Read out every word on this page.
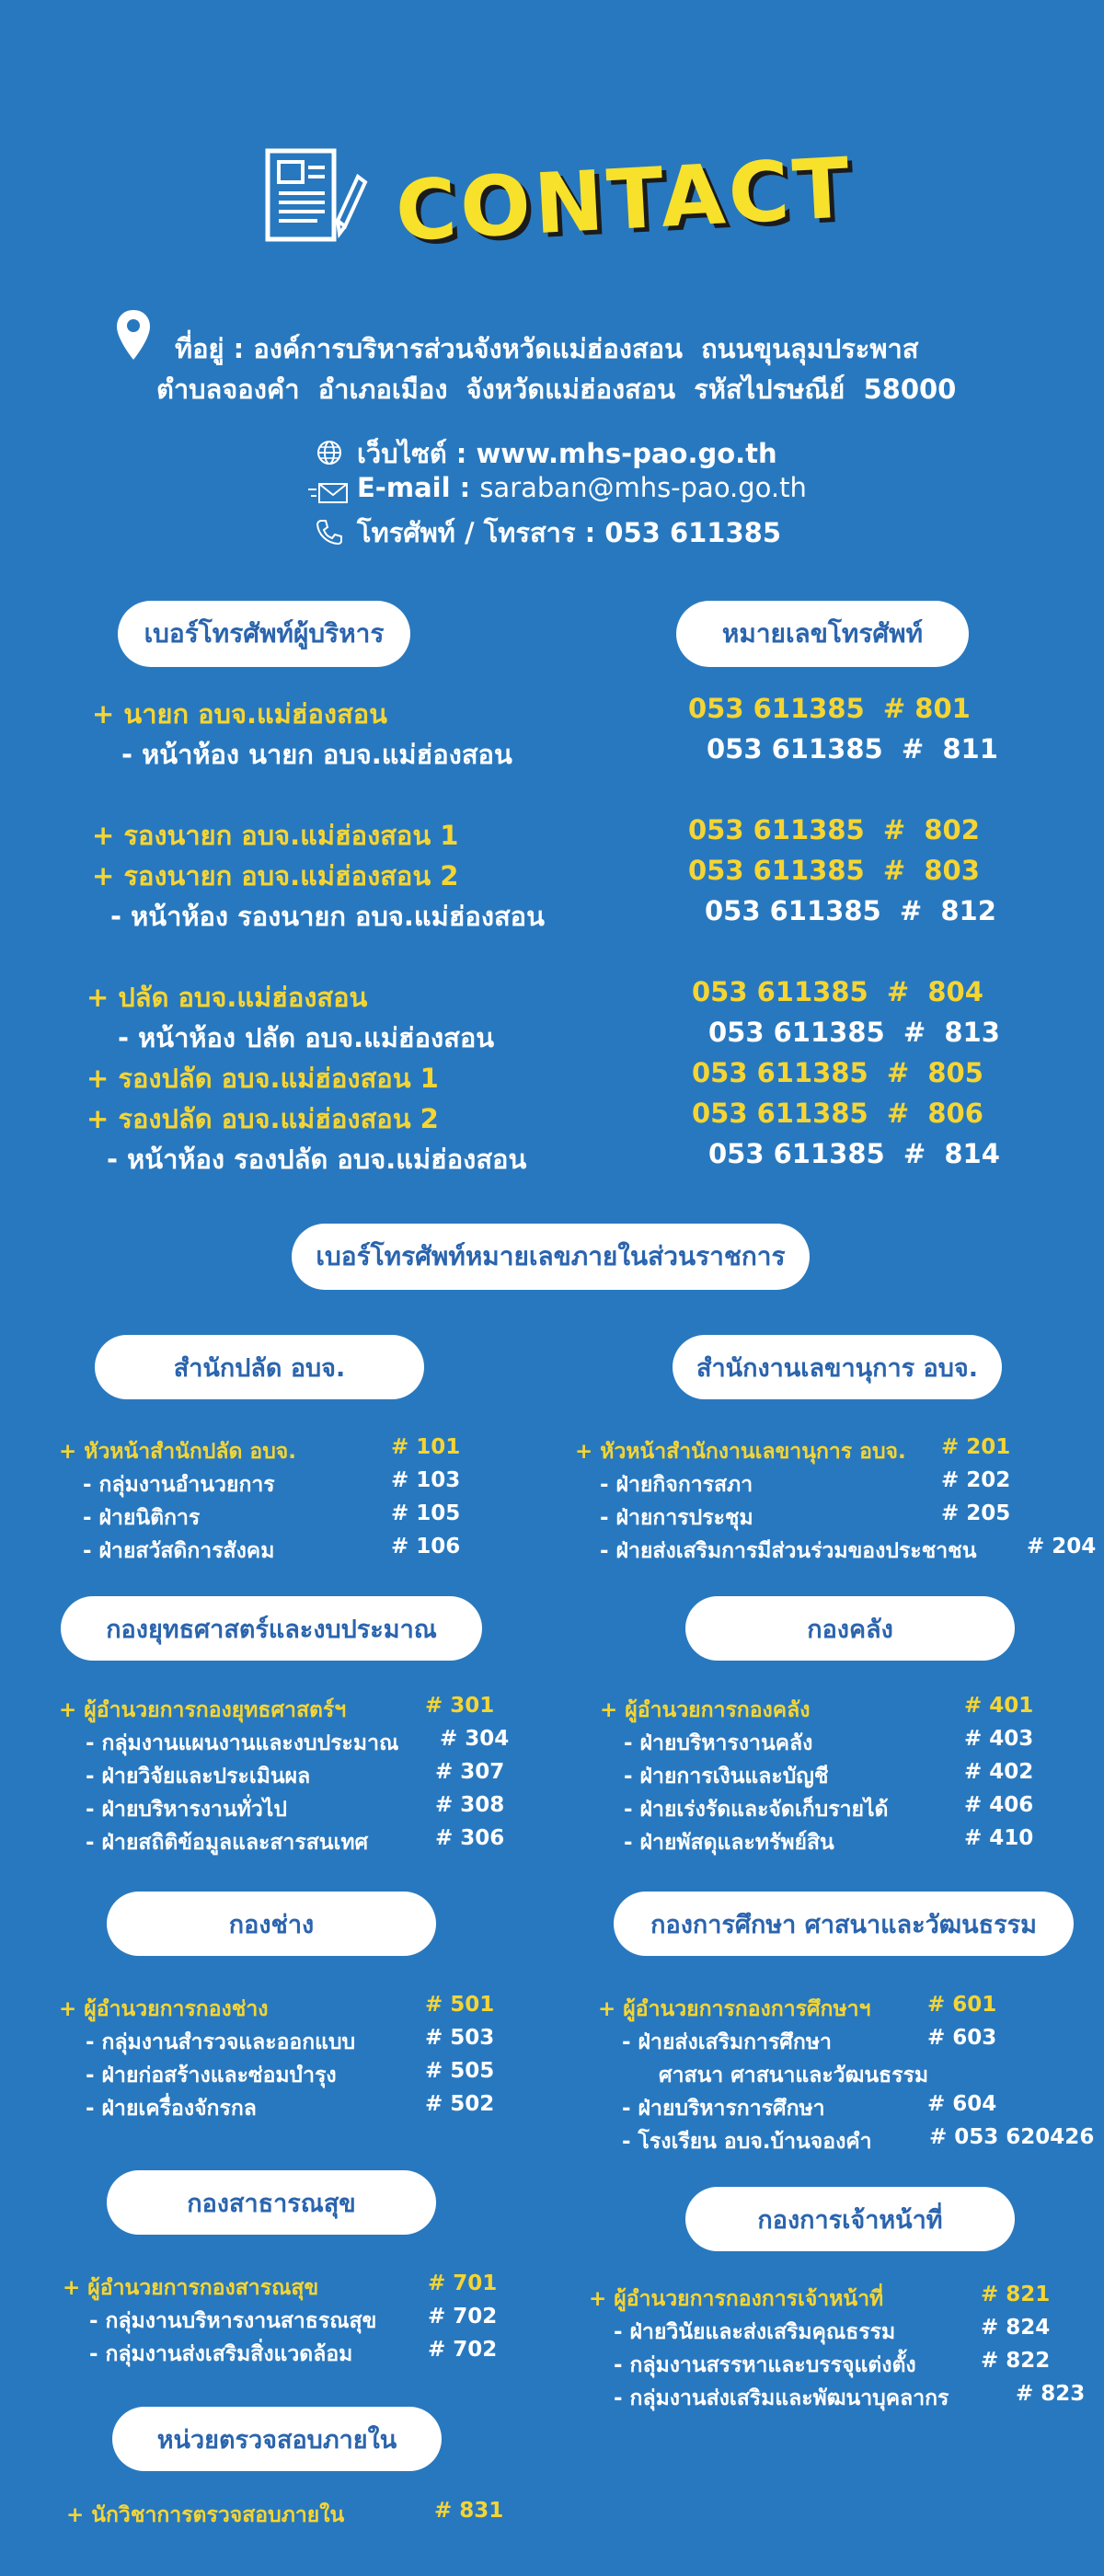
CONTACT
ที่อยู่ : องค์การบริหารส่วนจังหวัดแม่ฮ่องสอน  ถนนขุนลุมประพาส
ตำบลจองคำ  อำเภอเมือง  จังหวัดแม่ฮ่องสอน  รหัสไปรษณีย์  58000
เว็บไซต์ : www.mhs-pao.go.th
E-mail : saraban@mhs-pao.go.th
โทรศัพท์ / โทรสาร : 053 611385
เบอร์โทรศัพท์ผู้บริหาร	หมายเลขโทรศัพท์
+ นายก อบจ.แม่ฮ่องสอน	053 611385  # 801
- หน้าห้อง นายก อบจ.แม่ฮ่องสอน	053 611385  #  811
+ รองนายก อบจ.แม่ฮ่องสอน 1	053 611385  #  802
+ รองนายก อบจ.แม่ฮ่องสอน 2	053 611385  #  803
- หน้าห้อง รองนายก อบจ.แม่ฮ่องสอน	053 611385  #  812
+ ปลัด อบจ.แม่ฮ่องสอน	053 611385  #  804
- หน้าห้อง ปลัด อบจ.แม่ฮ่องสอน	053 611385  #  813
+ รองปลัด อบจ.แม่ฮ่องสอน 1	053 611385  #  805
+ รองปลัด อบจ.แม่ฮ่องสอน 2	053 611385  #  806
- หน้าห้อง รองปลัด อบจ.แม่ฮ่องสอน	053 611385  #  814
เบอร์โทรศัพท์หมายเลขภายในส่วนราชการ
สำนักปลัด อบจ.
+ หัวหน้าสำนักปลัด อบจ.	# 101
- กลุ่มงานอำนวยการ	# 103
- ฝ่ายนิติการ	# 105
- ฝ่ายสวัสดิการสังคม	# 106
สำนักงานเลขานุการ อบจ.
+ หัวหน้าสำนักงานเลขานุการ อบจ. # 201
- ฝ่ายกิจการสภา	# 202
- ฝ่ายการประชุม	# 205
- ฝ่ายส่งเสริมการมีส่วนร่วมของประชาชน # 204
กองยุทธศาสตร์และงบประมาณ
+ ผู้อำนวยการกองยุทธศาสตร์ฯ	# 301
- กลุ่มงานแผนงานและงบประมาณ # 304
- ฝ่ายวิจัยและประเมินผล	# 307
- ฝ่ายบริหารงานทั่วไป	# 308
- ฝ่ายสถิติข้อมูลและสารสนเทศ	# 306
กองคลัง
+ ผู้อำนวยการกองคลัง	# 401
- ฝ่ายบริหารงานคลัง	# 403
- ฝ่ายการเงินและบัญชี	# 402
- ฝ่ายเร่งรัดและจัดเก็บรายได้	# 406
- ฝ่ายพัสดุและทรัพย์สิน	# 410
กองช่าง
+ ผู้อำนวยการกองช่าง	# 501
- กลุ่มงานสำรวจและออกแบบ	# 503
- ฝ่ายก่อสร้างและซ่อมบำรุง	# 505
- ฝ่ายเครื่องจักรกล	# 502
กองการศึกษา ศาสนาและวัฒนธรรม
+ ผู้อำนวยการกองการศึกษาฯ	# 601
- ฝ่ายส่งเสริมการศึกษา	# 603
ศาสนา ศาสนาและวัฒนธรรม
- ฝ่ายบริหารการศึกษา	# 604
- โรงเรียน อบจ.บ้านจองคำ	# 053 620426
กองสาธารณสุข
+ ผู้อำนวยการกองสารณสุข	# 701
- กลุ่มงานบริหารงานสาธรณสุข # 702
- กลุ่มงานส่งเสริมสิ่งแวดล้อม	# 702
กองการเจ้าหน้าที่
+ ผู้อำนวยการกองการเจ้าหน้าที่	# 821
- ฝ่ายวินัยและส่งเสริมคุณธรรม	# 824
- กลุ่มงานสรรหาและบรรจุแต่งตั้ง	# 822
- กลุ่มงานส่งเสริมและพัฒนาบุคลากร	# 823
หน่วยตรวจสอบภายใน
+ นักวิชาการตรวจสอบภายใน	# 831
